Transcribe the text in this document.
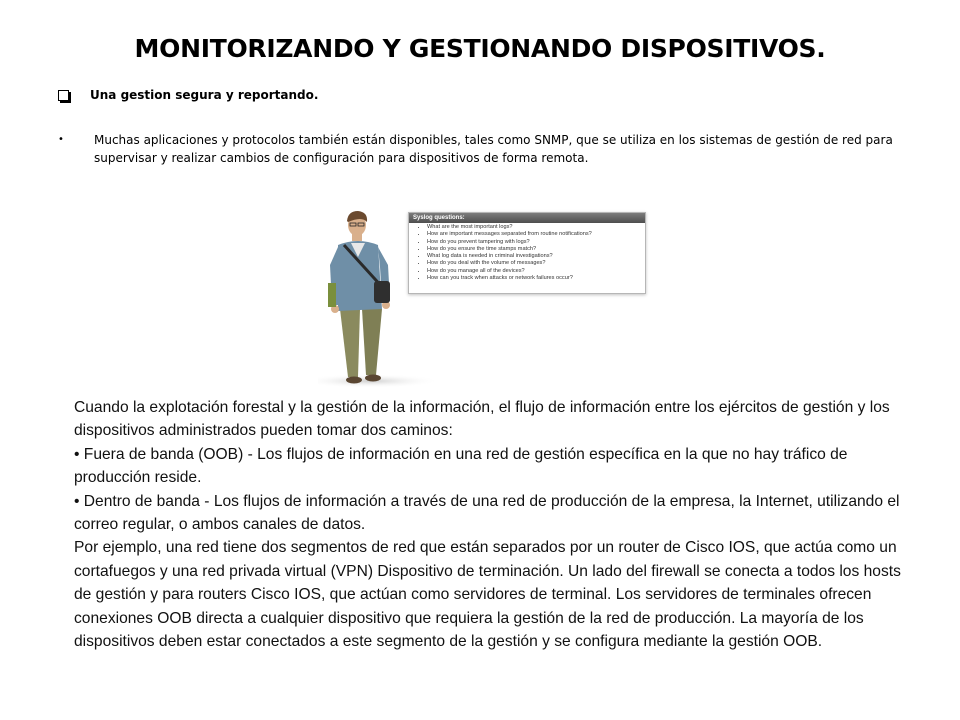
MONITORIZANDO Y GESTIONANDO DISPOSITIVOS.
Una gestion segura y reportando.
•	Muchas aplicaciones y protocolos también están disponibles, tales como SNMP, que se utiliza en los sistemas de gestión de red para supervisar y realizar cambios de configuración para dispositivos de forma remota.
Syslog questions:
• What are the most important logs?
• How are important messages separated from routine notifications?
• How do you prevent tampering with logs?
• How do you ensure the time stamps match?
• What log data is needed in criminal investigations?
• How do you deal with the volume of messages?
• How do you manage all of the devices?
• How can you track when attacks or network failures occur?

Cuando la explotación forestal y la gestión de la información, el flujo de información entre los ejércitos de gestión y los dispositivos administrados pueden tomar dos caminos:

• Fuera de banda (OOB) - Los flujos de información en una red de gestión específica en la que no hay tráfico de producción reside.

• Dentro de banda - Los flujos de información a través de una red de producción de la empresa, la Internet, utilizando el correo regular, o ambos canales de datos.

Por ejemplo, una red tiene dos segmentos de red que están separados por un router de Cisco IOS, que actúa como un cortafuegos y una red privada virtual (VPN) Dispositivo de terminación. Un lado del firewall se conecta a todos los hosts de gestión y para routers Cisco IOS, que actúan como servidores de terminal. Los servidores de terminales ofrecen conexiones OOB directa a cualquier dispositivo que requiera la gestión de la red de producción. La mayoría de los dispositivos deben estar conectados a este segmento de la gestión y se configura mediante la gestión OOB.
